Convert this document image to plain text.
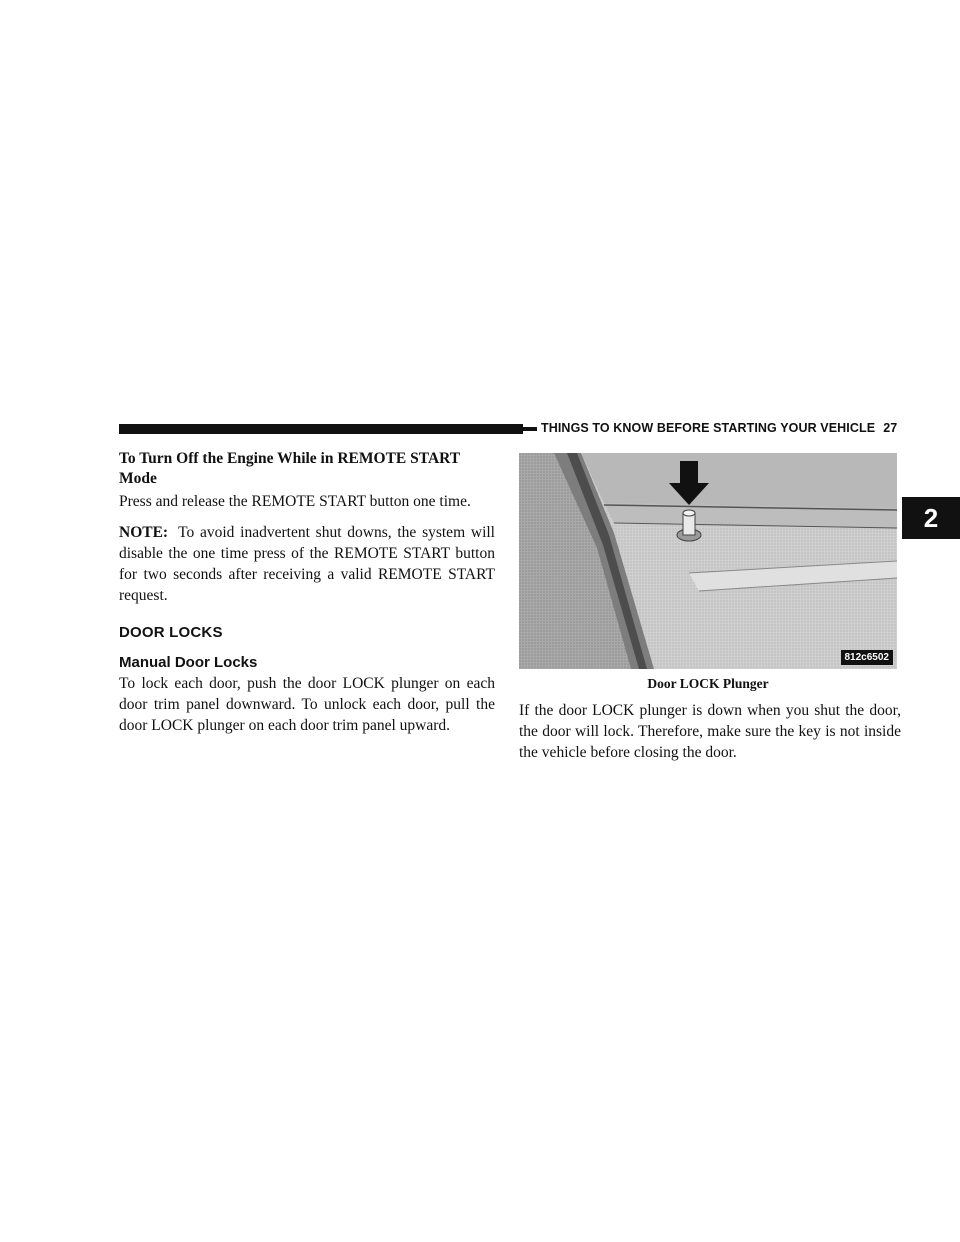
THINGS TO KNOW BEFORE STARTING YOUR VEHICLE 27
2
To Turn Off the Engine While in REMOTE START Mode

Press and release the REMOTE START button one time.

NOTE: To avoid inadvertent shut downs, the system will disable the one time press of the REMOTE START button for two seconds after receiving a valid REMOTE START request.

DOOR LOCKS
Manual Door Locks

To lock each door, push the door LOCK plunger on each door trim panel downward. To unlock each door, pull the door LOCK plunger on each door trim panel upward.

812c6502
Door LOCK Plunger

If the door LOCK plunger is down when you shut the door, the door will lock. Therefore, make sure the key is not inside the vehicle before closing the door.
